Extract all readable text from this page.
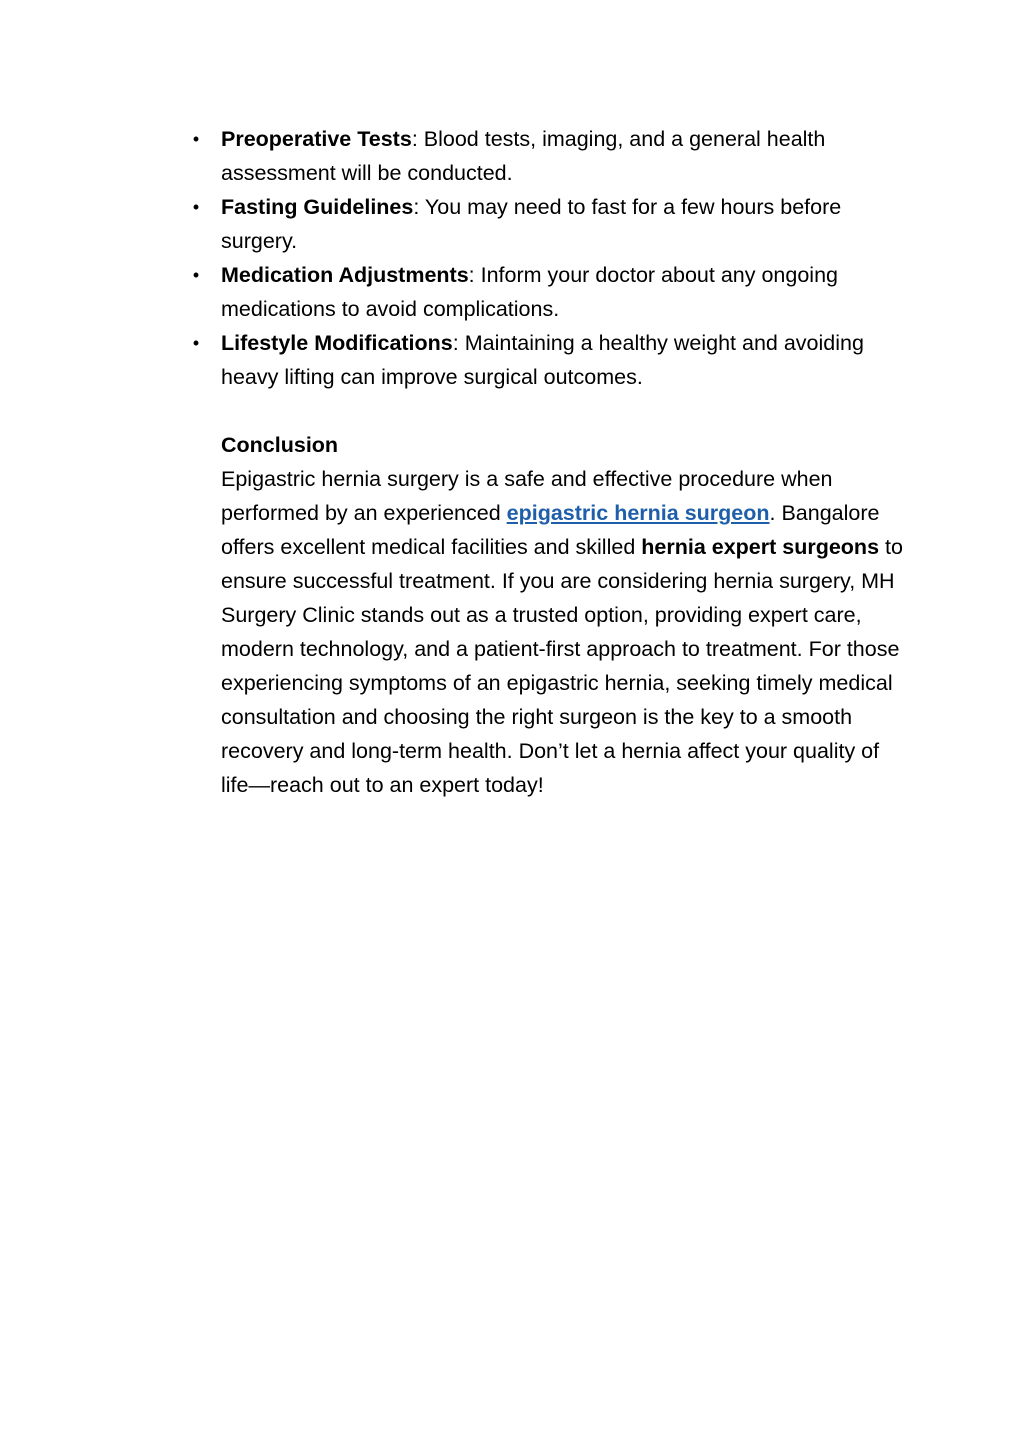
• Preoperative Tests: Blood tests, imaging, and a general health assessment will be conducted.
• Fasting Guidelines: You may need to fast for a few hours before surgery.
• Medication Adjustments: Inform your doctor about any ongoing medications to avoid complications.
• Lifestyle Modifications: Maintaining a healthy weight and avoiding heavy lifting can improve surgical outcomes.

Conclusion

Epigastric hernia surgery is a safe and effective procedure when performed by an experienced epigastric hernia surgeon. Bangalore offers excellent medical facilities and skilled hernia expert surgeons to ensure successful treatment. If you are considering hernia surgery, MH Surgery Clinic stands out as a trusted option, providing expert care, modern technology, and a patient-first approach to treatment. For those experiencing symptoms of an epigastric hernia, seeking timely medical consultation and choosing the right surgeon is the key to a smooth recovery and long-term health. Don’t let a hernia affect your quality of life—reach out to an expert today!
